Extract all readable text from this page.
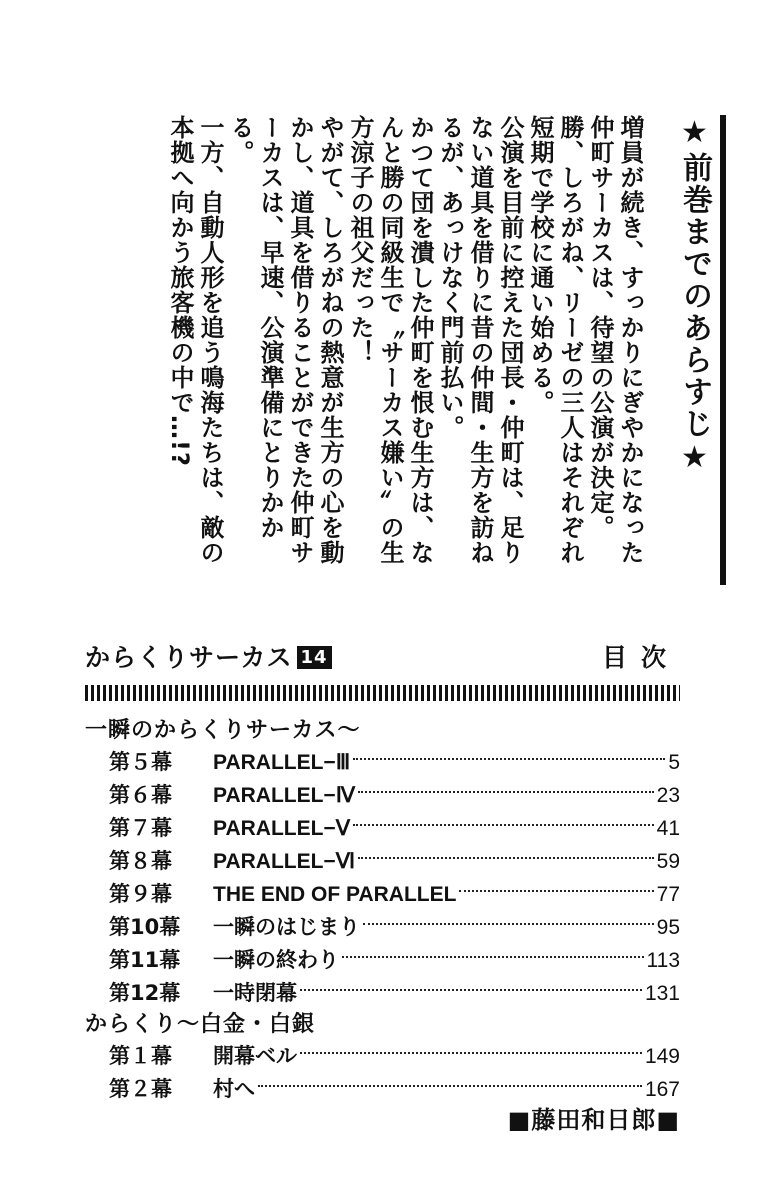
★前巻までのあらすじ★

増員が続き、すっかりにぎやかになった仲町サーカスは、待望の公演が決定。

勝、しろがね、リーゼの三人はそれぞれ短期で学校に通い始める。

公演を目前に控えた団長・仲町は、足りない道具を借りに昔の仲間・生方を訪ねるが、あっけなく門前払い。

かつて団を潰した仲町を恨む生方は、なんと勝の同級生で〝サーカス嫌い〟の生方涼子の祖父だった！

やがて、しろがねの熱意が生方の心を動かし、道具を借りることができた仲町サーカスは、早速、公演準備にとりかかる。

一方、自動人形を追う鳴海たちは、敵の本拠へ向かう旅客機の中で…!?

からくりサーカス 14	目次
一瞬のからくりサーカス〜
第５幕	PARALLEL−Ⅲ	5
第６幕	PARALLEL−Ⅳ	23
第７幕	PARALLEL−Ⅴ	41
第８幕	PARALLEL−Ⅵ	59
第９幕	THE END OF PARALLEL	77
第10幕	一瞬のはじまり	95
第11幕	一瞬の終わり	113
第12幕	一時閉幕	131
からくり〜白金・白銀
第１幕	開幕ベル	149
第２幕	村へ	167
■藤田和日郎■
